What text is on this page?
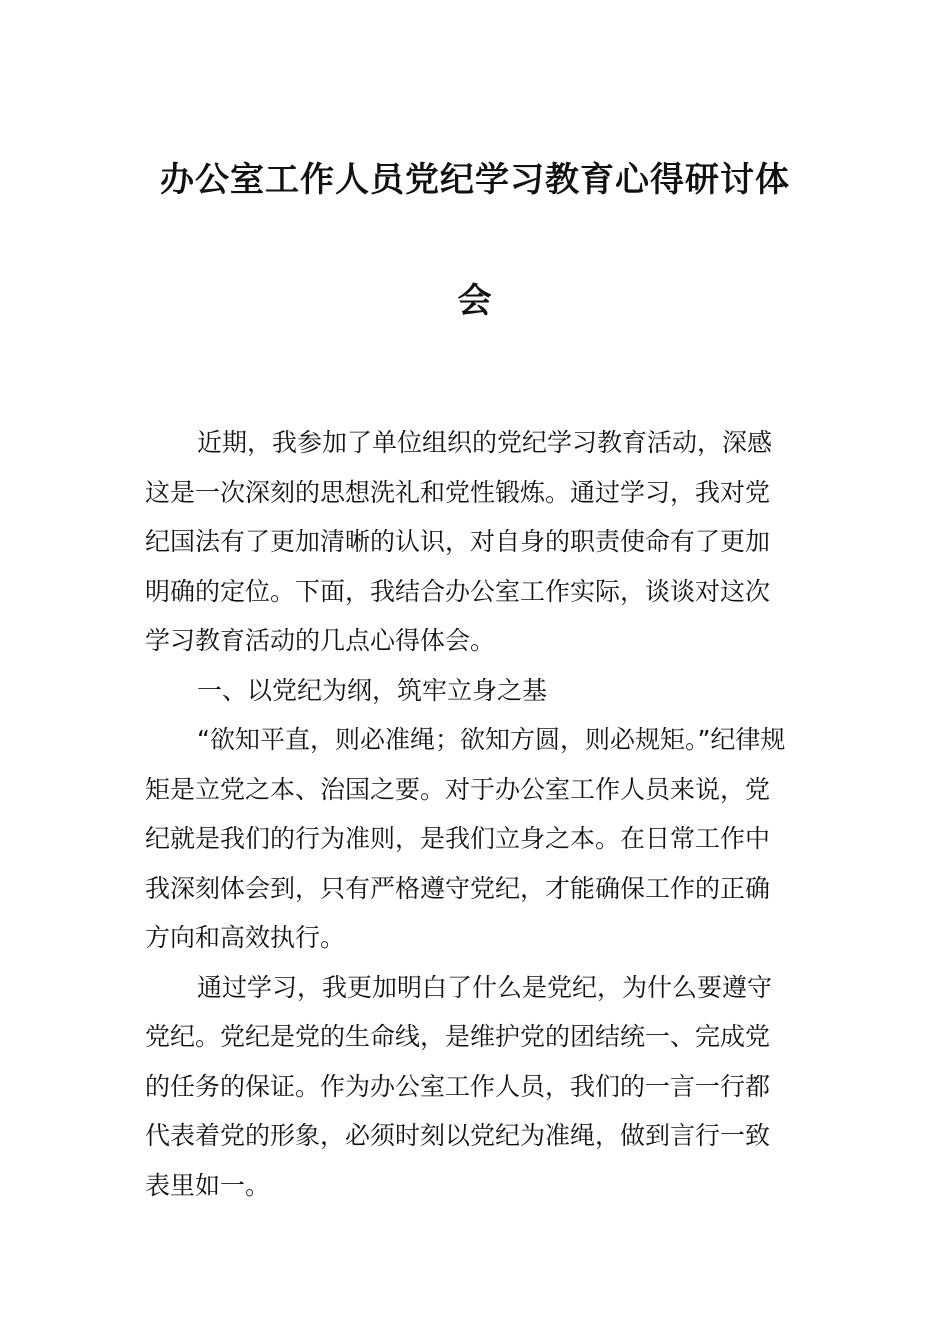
办公室工作人员党纪学习教育心得研讨体
会
近期，我参加了单位组织的党纪学习教育活动，深感
这是一次深刻的思想洗礼和党性锻炼。通过学习，我对党
纪国法有了更加清晰的认识，对自身的职责使命有了更加
明确的定位。下面，我结合办公室工作实际，谈谈对这次
学习教育活动的几点心得体会。
一、以党纪为纲，筑牢立身之基
“欲知平直，则必准绳；欲知方圆，则必规矩。”纪律规
矩是立党之本、治国之要。对于办公室工作人员来说，党
纪就是我们的行为准则，是我们立身之本。在日常工作中
我深刻体会到，只有严格遵守党纪，才能确保工作的正确
方向和高效执行。
通过学习，我更加明白了什么是党纪，为什么要遵守
党纪。党纪是党的生命线，是维护党的团结统一、完成党
的任务的保证。作为办公室工作人员，我们的一言一行都
代表着党的形象，必须时刻以党纪为准绳，做到言行一致
表里如一。
